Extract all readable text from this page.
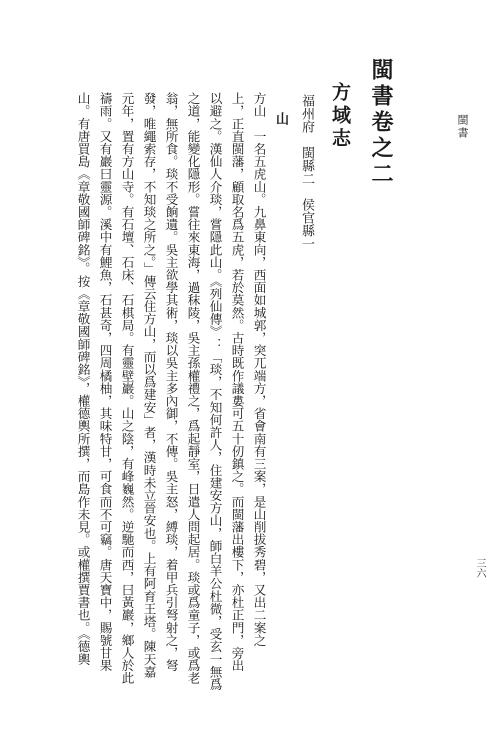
閩書
三六
閩書卷之二
方域志
福州府 閩縣二 侯官縣一
山
方山　一名五虎山。九鼻東向，西面如城郭，突兀端方，省會南有三案，是山削拔秀碧，又出二案之
上，正直閩藩，顧取名爲五虎，若於莫然。古時既作議婁可五十仞鎮之。而閩藩出樓下，亦杜正門，旁出
以避之。漢仙人介琰，嘗隱此山。《列仙傳》：「琰，不知何許人，住建安方山，師白羊公杜微，受玄一無爲
之道，能變化隱形。嘗往來東海，過秣陵，吳主孫權禮之，爲起靜室，日遣人問起居。琰或爲童子，或爲老
翁，無所食。琰不受餉遺。吳主欲學其術，琰以吳主多內御，不傳。吳主怒，縛琰，着甲兵引弩射之，弩
發，唯繩索存，不知琰之所之。」傳云住方山，而以爲建安」者，漢時未立晉安也。上有阿育王塔。陳天嘉
元年，置有方山寺。有石壇、石床、石棋局。有靈壁巖。山之陰，有峰巍然。逆馳而西，曰黃巖，鄉人於此
禱雨。又有巖曰靈源。溪中有鯉魚，石甚奇，四周橘柚，其味特甘，可食而不可竊。唐天寶中，賜號甘果
山。有唐買島《章敬國師碑銘》。按《章敬國師碑銘》，權德輿所撰，而島作未見。或權撰賈書也。《德輿
